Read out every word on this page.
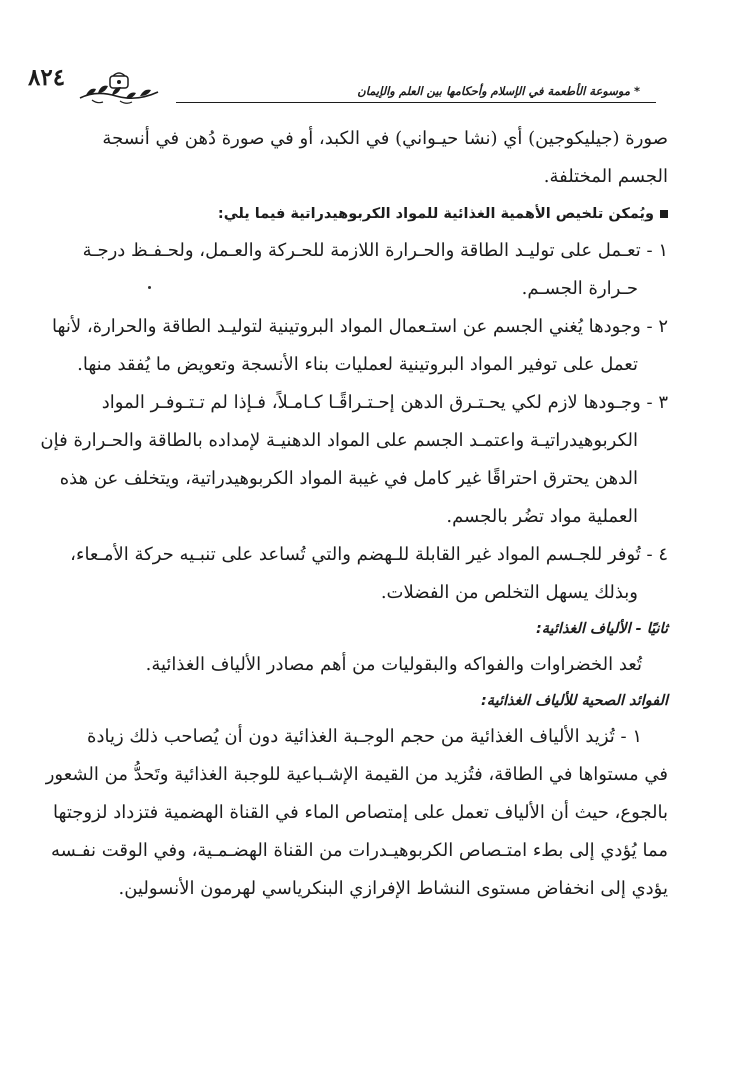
٨٢٤	* موسوعة الأطعمة في الإسلام وأحكامها بين العلم والإيمان

صورة (جيليكوجين) أي (نشا حيـواني) في الكبد، أو في صورة دُهن في أنسجة

الجسم المختلفة.

ويُمكن تلخيص الأهمية الغذائية للمواد الكربوهيدراتية فيما يلي:

١ - تعـمل على توليـد الطاقة والحـرارة اللازمة للحـركة والعـمل، ولحـفـظ درجـة

حـرارة الجسـم.

٢ - وجودها يُغني الجسم عن استـعمال المواد البروتينية لتوليـد الطاقة والحرارة، لأنها

تعمل على توفير المواد البروتينية لعمليات بناء الأنسجة وتعويض ما يُفقد منها.

٣ - وجـودها لازم لكي يحـتـرق الدهن إحـتـراقًـا كـامـلاً، فـإذا لم تـتـوفـر المواد

الكربوهيدراتيـة واعتمـد الجسم على المواد الدهنيـة لإمداده بالطاقة والحـرارة فإن

الدهن يحترق احتراقًا غير كامل في غيبة المواد الكربوهيدراتية، ويتخلف عن هذه

العملية مواد تضُر بالجسم.

٤ - تُوفر للجـسم المواد غير القابلة للـهضم والتي تُساعد على تنبـيه حركة الأمـعاء،

وبذلك يسهل التخلص من الفضلات.

ثانيًا - الألياف الغذائية:

تُعد الخضراوات والفواكه والبقوليات من أهم مصادر الألياف الغذائية.

الفوائد الصحية للألياف الغذائية:

١ - تُزيد الألياف الغذائية من حجم الوجـبة الغذائية دون أن يُصاحب ذلك زيادة

في مستواها في الطاقة، فتُزيد من القيمة الإشـباعية للوجبة الغذائية وتَحدُّ من الشعور

بالجوع، حيث أن الألياف تعمل على إمتصاص الماء في القناة الهضمية فتزداد لزوجتها

مما يُؤدي إلى بطء امتـصاص الكربوهيـدرات من القناة الهضـمـية، وفي الوقت نفـسه

يؤدي إلى انخفاض مستوى النشاط الإفرازي البنكرياسي لهرمون الأنسولين.
